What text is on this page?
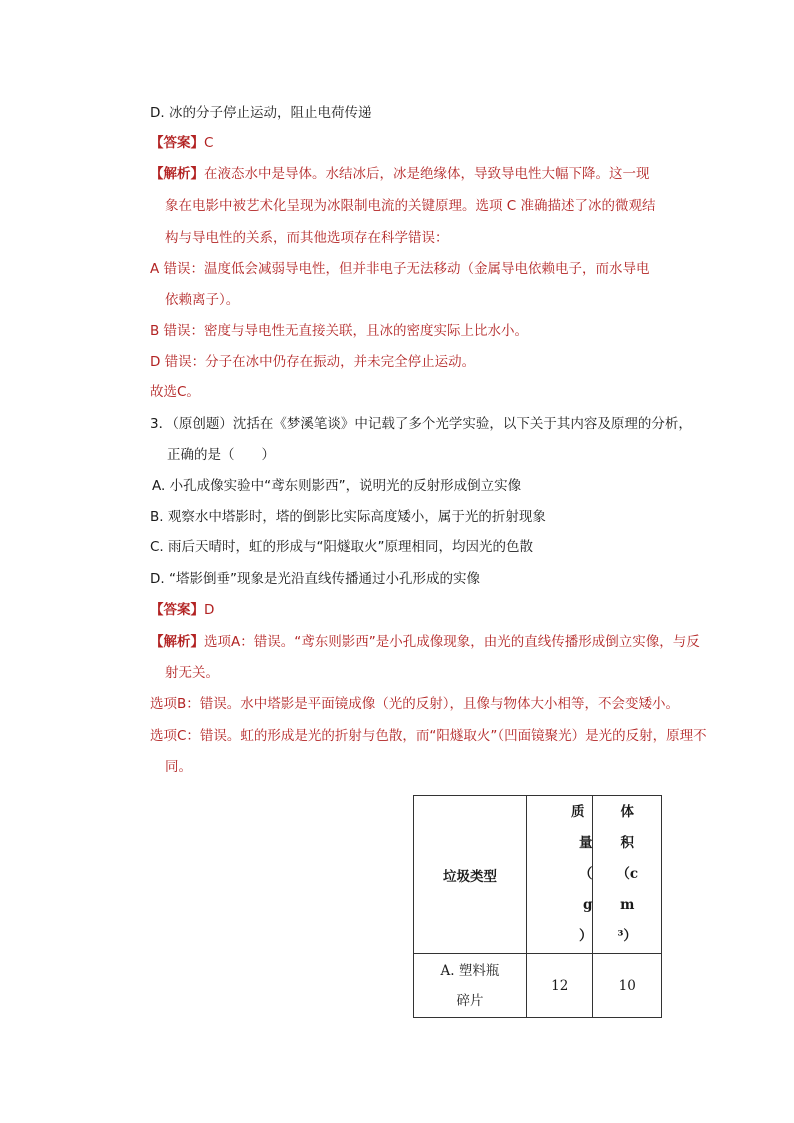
D. 冰的分子停止运动，阻止电荷传递
【答案】C
【解析】在液态水中是导体。水结冰后，冰是绝缘体，导致导电性大幅下降。这一现
象在电影中被艺术化呈现为冰限制电流的关键原理。选项 C 准确描述了冰的微观结
构与导电性的关系，而其他选项存在科学错误：
A 错误：温度低会减弱导电性，但并非电子无法移动（金属导电依赖电子，而水导电
依赖离子）。
B 错误：密度与导电性无直接关联，且冰的密度实际上比水小。
D 错误：分子在冰中仍存在振动，并未完全停止运动。
故选C。
3．（原创题）沈括在《梦溪笔谈》中记载了多个光学实验，以下关于其内容及原理的分析，
正确的是（　　）
A. 小孔成像实验中“鸢东则影西”，说明光的反射形成倒立实像
B. 观察水中塔影时，塔的倒影比实际高度矮小，属于光的折射现象
C. 雨后天晴时，虹的形成与“阳燧取火”原理相同，均因光的色散
D. “塔影倒垂”现象是光沿直线传播通过小孔形成的实像
【答案】D
【解析】选项A：错误。“鸢东则影西”是小孔成像现象，由光的直线传播形成倒立实像，与反
射无关。
选项B：错误。水中塔影是平面镜成像（光的反射），且像与物体大小相等，不会变矮小。
选项C：错误。虹的形成是光的折射与色散，而“阳燧取火”（凹面镜聚光）是光的反射，原理不
同。
垃圾类型	质
量
（
g
）	体
积
（c
m
³）

A. 塑料瓶
碎片	12	10
